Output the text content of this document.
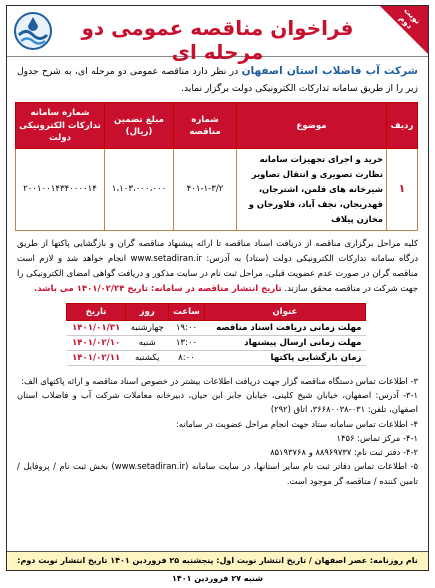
نوبت دوم
فراخوان مناقصه عمومی دو مرحله ای
شرکت آب فاضلاب استان اصفهان در نظر دارد مناقصه عمومی دو مرحله ای، به شرح جدول زیر را از طریق سامانه تدارکات الکترونیکی دولت برگزار نماید.
ردیف	موضوع	شماره مناقصه	مبلغ تضمین (ریال)	شماره سامانه تدارکات الکترونیکی دولت
۱	خرید و اجرای تجهیزات سامانه نظارت تصویری و انتقال تصاویر شیرخانه های قلمن، اشترجان، قهدریجان، نجف آباد، فلاورجان و مخازن پیلاف	۴۰۱-۱-۳/۲	۱،۱۰۳،۰۰۰،۰۰۰	۲۰۰۱۰۰۱۴۳۴۰۰۰۰۱۴
کلیه مراحل برگزاری مناقصه از دریافت اسناد مناقصه تا ارائه پیشنهاد مناقصه گران و بازگشایی پاکتها از طریق درگاه سامانه تدارکات الکترونیکی دولت (ستاد) به آدرس: www.setadiran.ir انجام خواهد شد و لازم است مناقصه گران در صورت عدم عضویت قبلی، مراحل ثبت نام در سایت مذکور و دریافت گواهی امضای الکترونیکی را جهت شرکت در مناقصه محقق سازند. تاریخ انتشار مناقصه در سامانه: تاریخ ۱۴۰۱/۰۲/۲۴ می باشد.
عنوان	ساعت	روز	تاریخ
مهلت زمانی دریافت اسناد مناقصه	۱۹:۰۰	چهارشنبه	۱۴۰۱/۰۱/۳۱
مهلت زمانی ارسال پیشنهاد	۱۳:۰۰	شنبه	۱۴۰۱/۰۲/۱۰
زمان بازگشایی پاکتها	۸:۰۰	یکشنبه	۱۴۰۱/۰۲/۱۱
۳- اطلاعات تماس دستگاه مناقصه گزار جهت دریافت اطلاعات بیشتر در خصوص اسناد مناقصه و ارائه پاکتهای الف:
۳-۱- آدرس: اصفهان، خیابان شیخ کلینی، خیابان جابر ابن حیان، دبیرخانه معاملات شرکت آب و فاضلاب استان اصفهان، تلفن: ۰۳۱-۳۶۶۸۰۰۳۸، اتاق (۲۹۲)
۴- اطلاعات تماس سامانه ستاد جهت انجام مراحل عضویت در سامانه:
۴-۱- مرکز تماس: ۱۴۵۶
۴-۲- دفتر ثبت نام: ۸۸۹۶۹۷۳۷ و ۸۵۱۹۳۷۶۸
۵- اطلاعات تماس دفاتر ثبت نام سایر استانها، در سایت سامانه (www.setadiran.ir) بخش ثبت نام / پروفایل / تامین کننده / مناقصه گر موجود است.
نام روزنامه: عصر اصفهان / تاریخ انتشار نوبت اول: پنجشنبه ۲۵ فروردین ۱۴۰۱ تاریخ انتشار نوبت دوم: شنبه ۲۷ فروردین ۱۴۰۱
